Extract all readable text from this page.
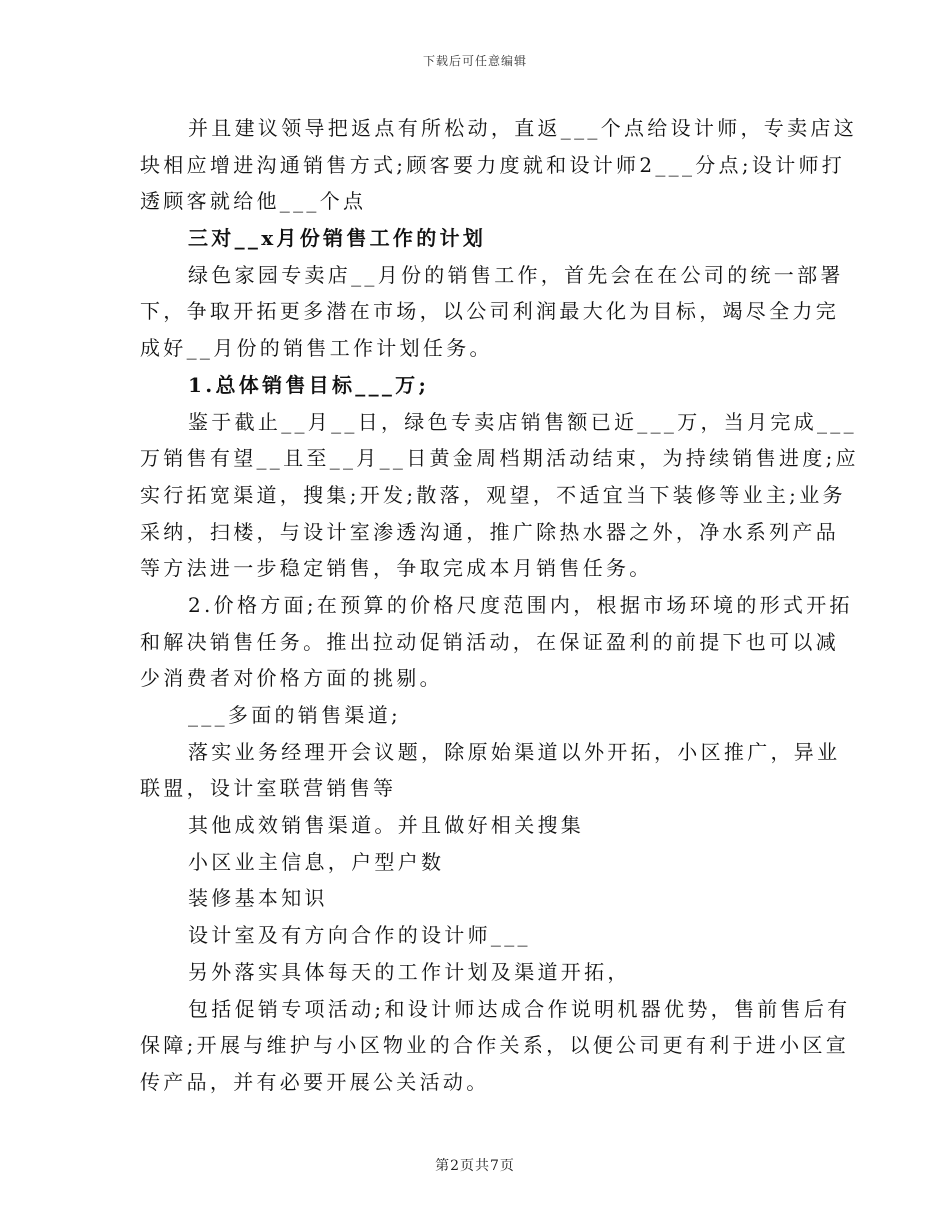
下载后可任意编辑
并且建议领导把返点有所松动，直返___个点给设计师，专卖店这
块相应增进沟通销售方式;顾客要力度就和设计师2___分点;设计师打
透顾客就给他___个点
三对__x月份销售工作的计划
绿色家园专卖店__月份的销售工作，首先会在在公司的统一部署
下，争取开拓更多潜在市场，以公司利润最大化为目标，竭尽全力完
成好__月份的销售工作计划任务。
1.总体销售目标___万;
鉴于截止__月__日，绿色专卖店销售额已近___万，当月完成___
万销售有望__且至__月__日黄金周档期活动结束，为持续销售进度;应
实行拓宽渠道，搜集;开发;散落，观望，不适宜当下装修等业主;业务
采纳，扫楼，与设计室渗透沟通，推广除热水器之外，净水系列产品
等方法进一步稳定销售，争取完成本月销售任务。
2.价格方面;在预算的价格尺度范围内，根据市场环境的形式开拓
和解决销售任务。推出拉动促销活动，在保证盈利的前提下也可以减
少消费者对价格方面的挑剔。
___多面的销售渠道;
落实业务经理开会议题，除原始渠道以外开拓，小区推广，异业
联盟，设计室联营销售等
其他成效销售渠道。并且做好相关搜集
小区业主信息，户型户数
装修基本知识
设计室及有方向合作的设计师___
另外落实具体每天的工作计划及渠道开拓，
包括促销专项活动;和设计师达成合作说明机器优势，售前售后有
保障;开展与维护与小区物业的合作关系，以便公司更有利于进小区宣
传产品，并有必要开展公关活动。
第2页共7页
